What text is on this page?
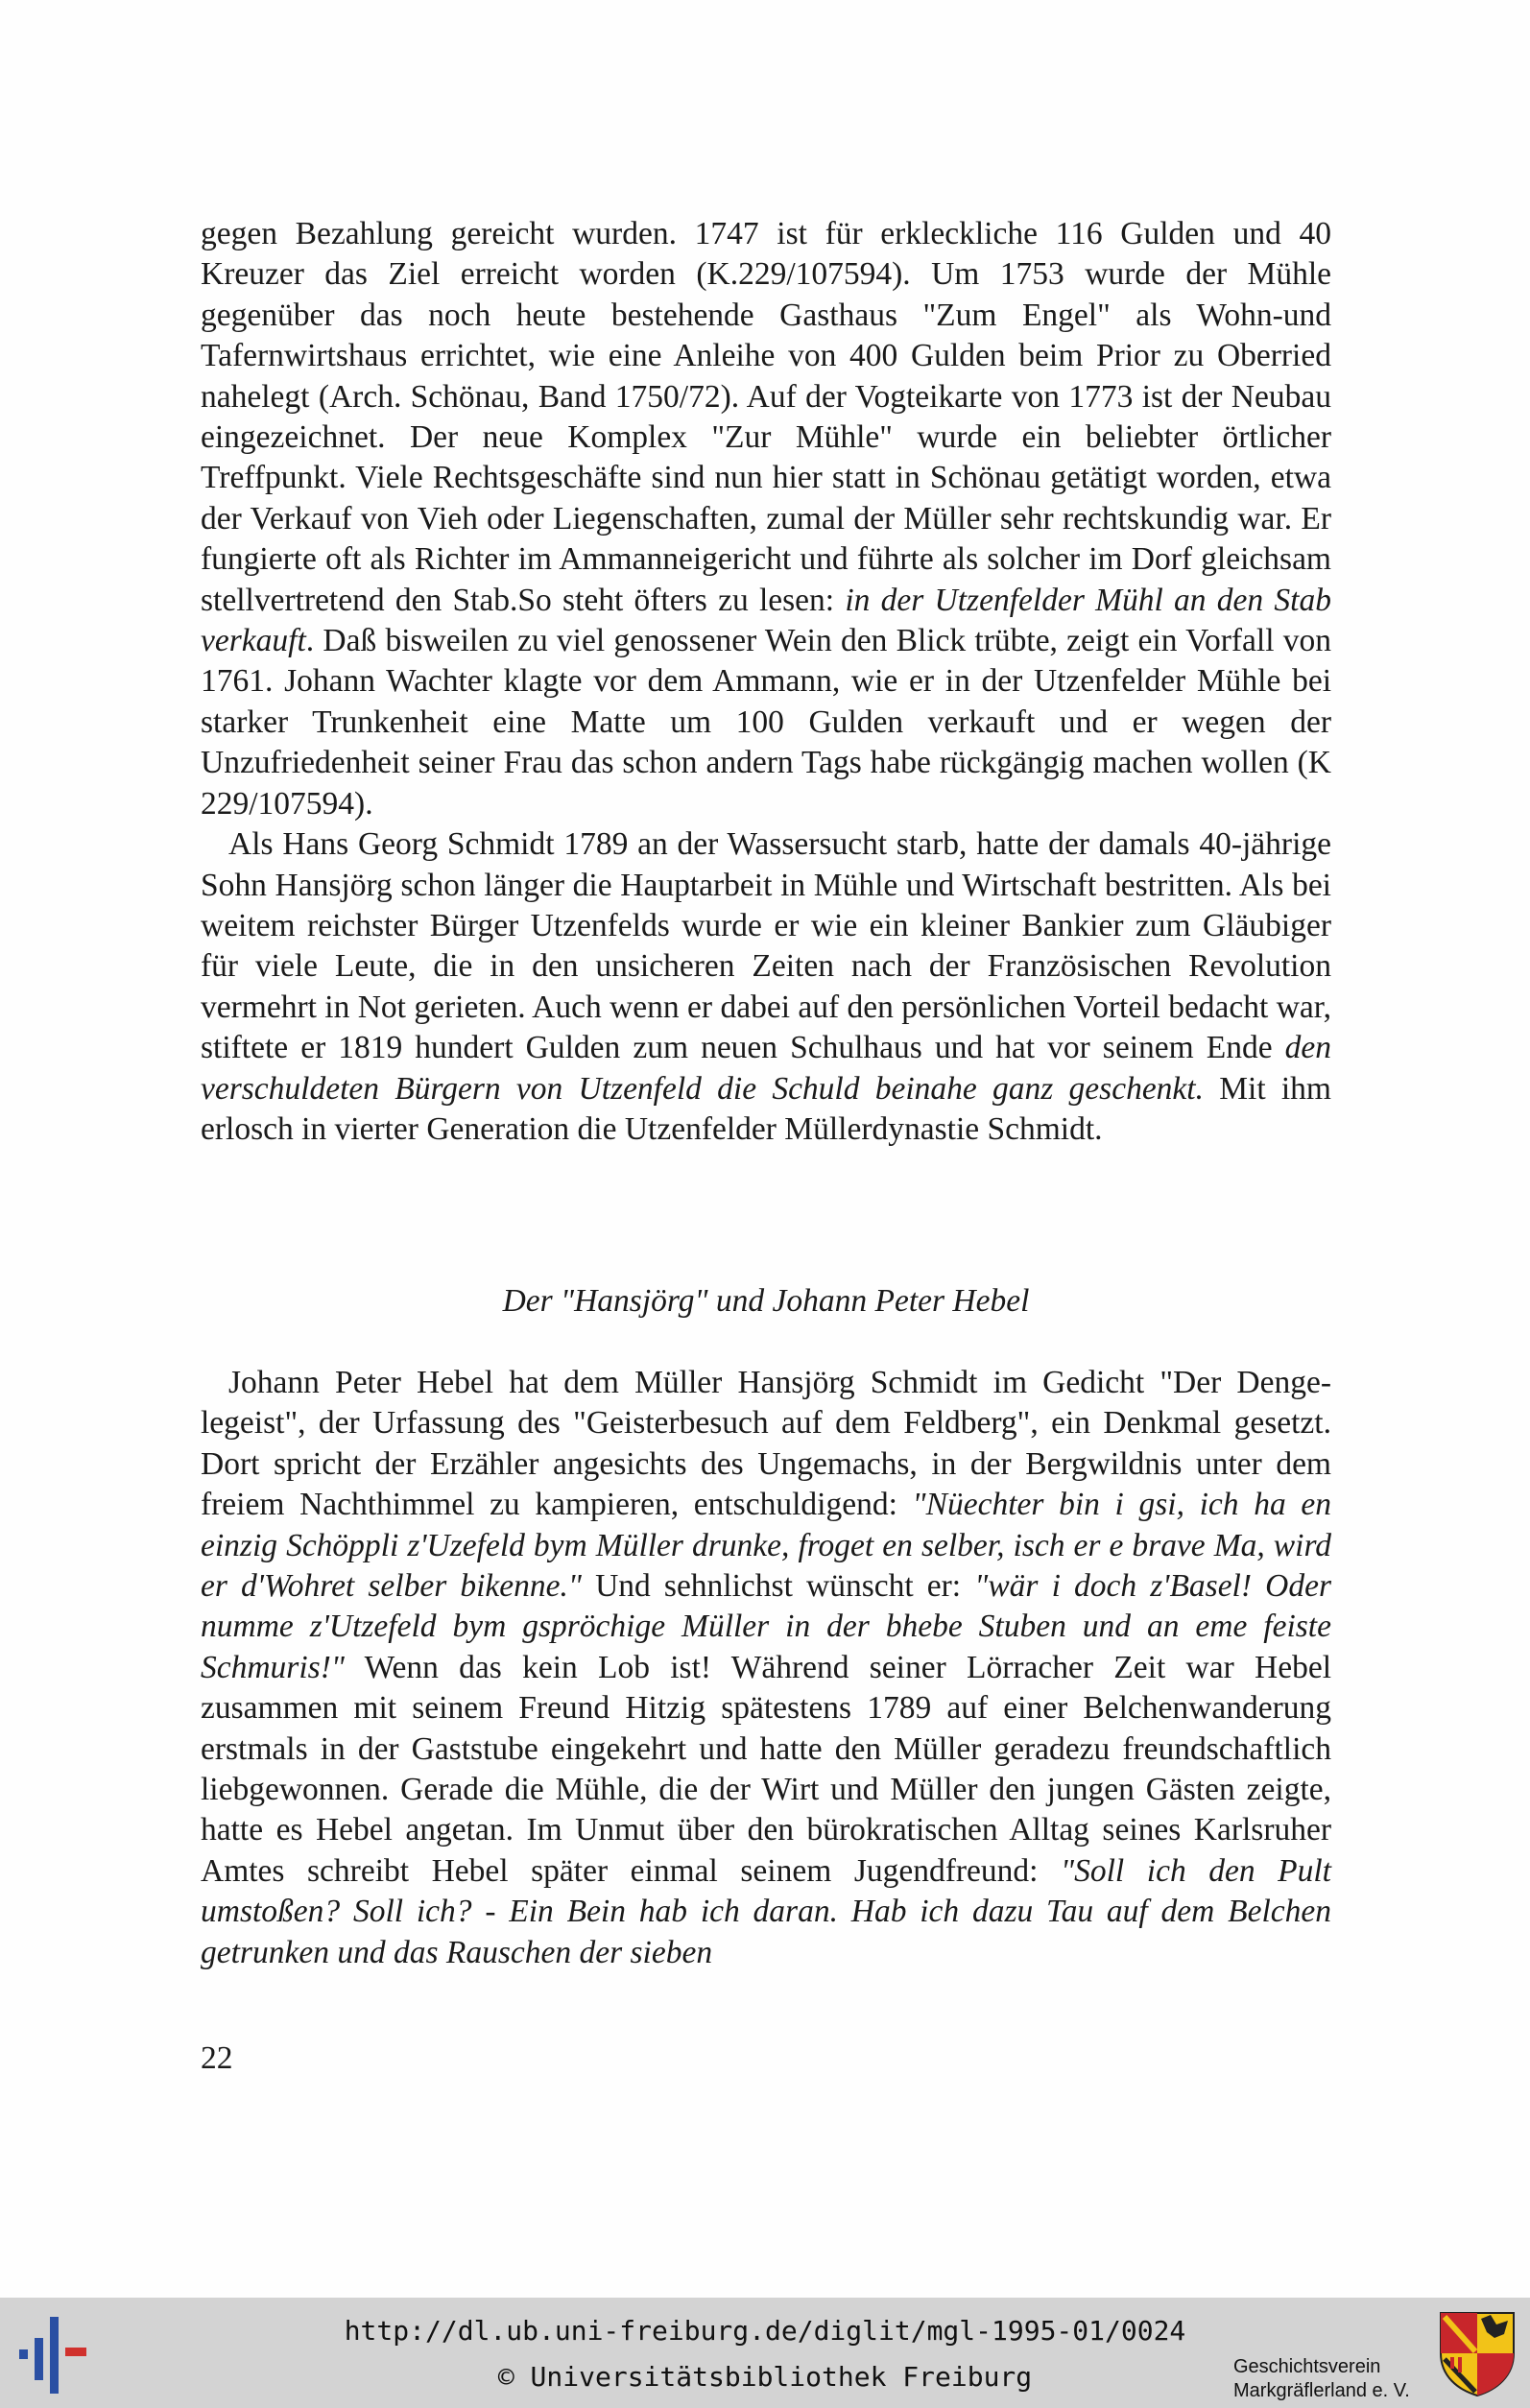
gegen Bezahlung gereicht wurden. 1747 ist für erkleckliche 116 Gulden und 40 Kreuzer das Ziel erreicht worden (K.229/107594). Um 1753 wurde der Mühle gegenüber das noch heute bestehende Gasthaus "Zum Engel" als Wohn-und Tafernwirtshaus errichtet, wie eine Anleihe von 400 Gulden beim Prior zu Oberried nahelegt (Arch. Schönau, Band 1750/72). Auf der Vogteikarte von 1773 ist der Neubau eingezeichnet. Der neue Komplex "Zur Mühle" wurde ein beliebter örtlicher Treffpunkt. Viele Rechtsgeschäfte sind nun hier statt in Schönau getätigt worden, etwa der Verkauf von Vieh oder Liegenschaften, zumal der Müller sehr rechtskundig war. Er fungierte oft als Richter im Ammanneigericht und führte als solcher im Dorf gleichsam stellvertretend den Stab.So steht öfters zu lesen: in der Utzenfelder Mühl an den Stab verkauft. Daß bisweilen zu viel genossener Wein den Blick trübte, zeigt ein Vorfall von 1761. Johann Wachter klagte vor dem Ammann, wie er in der Utzenfelder Mühle bei starker Trunkenheit eine Matte um 100 Gulden verkauft und er wegen der Unzufriedenheit seiner Frau das schon andern Tags habe rückgängig machen wollen (K 229/107594).

Als Hans Georg Schmidt 1789 an der Wassersucht starb, hatte der damals 40-jährige Sohn Hansjörg schon länger die Hauptarbeit in Mühle und Wirtschaft bestritten. Als bei weitem reichster Bürger Utzenfelds wurde er wie ein kleiner Bankier zum Gläubiger für viele Leute, die in den unsicheren Zeiten nach der Französischen Revolution vermehrt in Not gerieten. Auch wenn er dabei auf den persönlichen Vorteil bedacht war, stiftete er 1819 hundert Gulden zum neuen Schulhaus und hat vor seinem Ende den verschuldeten Bürgern von Utzenfeld die Schuld beinahe ganz geschenkt. Mit ihm erlosch in vierter Generation die Utzenfelder Müllerdynastie Schmidt.

Der "Hansjörg" und Johann Peter Hebel

Johann Peter Hebel hat dem Müller Hansjörg Schmidt im Gedicht "Der Dengelegeist", der Urfassung des "Geisterbesuch auf dem Feldberg", ein Denkmal gesetzt. Dort spricht der Erzähler angesichts des Ungemachs, in der Bergwildnis unter dem freiem Nachthimmel zu kampieren, entschuldigend: "Nüechter bin i gsi, ich ha en einzig Schöppli z'Uzefeld bym Müller drunke, froget en selber, isch er e brave Ma, wird er d'Wohret selber bikenne." Und sehnlichst wünscht er: "wär i doch z'Basel! Oder numme z'Utzefeld bym gspröchige Müller in der bhebe Stuben und an eme feiste Schmuris!" Wenn das kein Lob ist! Während seiner Lörracher Zeit war Hebel zusammen mit seinem Freund Hitzig spätestens 1789 auf einer Belchenwanderung erstmals in der Gaststube eingekehrt und hatte den Müller geradezu freundschaftlich liebgewonnen. Gerade die Mühle, die der Wirt und Müller den jungen Gästen zeigte, hatte es Hebel angetan. Im Unmut über den bürokratischen Alltag seines Karlsruher Amtes schreibt Hebel später einmal seinem Jugendfreund: "Soll ich den Pult umstoßen? Soll ich? - Ein Bein hab ich daran. Hab ich dazu Tau auf dem Belchen getrunken und das Rauschen der sieben

22
http://dl.ub.uni-freiburg.de/diglit/mgl-1995-01/0024
© Universitätsbibliothek Freiburg	Geschichtsverein
Markgräflerland e. V.
